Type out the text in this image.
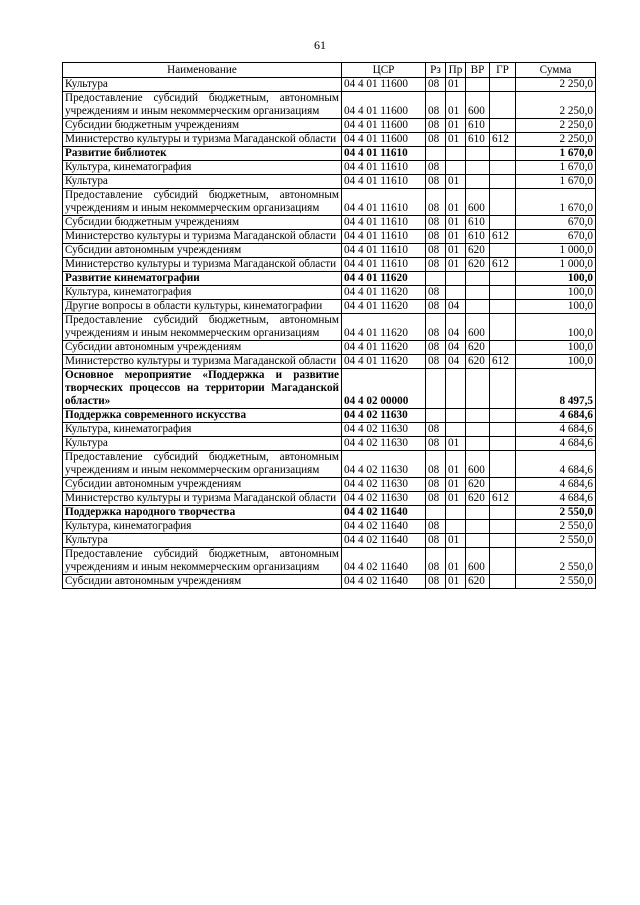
61
Наименование	ЦСР	Рз	Пр	ВР	ГР	Сумма
Культура	04 4 01 11600	08	01			2 250,0
Предоставление субсидий бюджетным, автономным учреждениям и иным некоммерческим организациям	04 4 01 11600	08	01	600		2 250,0
Субсидии бюджетным учреждениям	04 4 01 11600	08	01	610		2 250,0
Министерство культуры и туризма Магаданской области	04 4 01 11600	08	01	610	612	2 250,0
Развитие библиотек	04 4 01 11610					1 670,0
Культура, кинематография	04 4 01 11610	08				1 670,0
Культура	04 4 01 11610	08	01			1 670,0
Предоставление субсидий бюджетным, автономным учреждениям и иным некоммерческим организациям	04 4 01 11610	08	01	600		1 670,0
Субсидии бюджетным учреждениям	04 4 01 11610	08	01	610		670,0
Министерство культуры и туризма Магаданской области	04 4 01 11610	08	01	610	612	670,0
Субсидии автономным учреждениям	04 4 01 11610	08	01	620		1 000,0
Министерство культуры и туризма Магаданской области	04 4 01 11610	08	01	620	612	1 000,0
Развитие кинематографии	04 4 01 11620					100,0
Культура, кинематография	04 4 01 11620	08				100,0
Другие вопросы в области культуры, кинематографии	04 4 01 11620	08	04			100,0
Предоставление субсидий бюджетным, автономным учреждениям и иным некоммерческим организациям	04 4 01 11620	08	04	600		100,0
Субсидии автономным учреждениям	04 4 01 11620	08	04	620		100,0
Министерство культуры и туризма Магаданской области	04 4 01 11620	08	04	620	612	100,0
Основное мероприятие «Поддержка и развитие творческих процессов на территории Магаданской области»	04 4 02 00000					8 497,5
Поддержка современного искусства	04 4 02 11630					4 684,6
Культура, кинематография	04 4 02 11630	08				4 684,6
Культура	04 4 02 11630	08	01			4 684,6
Предоставление субсидий бюджетным, автономным учреждениям и иным некоммерческим организациям	04 4 02 11630	08	01	600		4 684,6
Субсидии автономным учреждениям	04 4 02 11630	08	01	620		4 684,6
Министерство культуры и туризма Магаданской области	04 4 02 11630	08	01	620	612	4 684,6
Поддержка народного творчества	04 4 02 11640					2 550,0
Культура, кинематография	04 4 02 11640	08				2 550,0
Культура	04 4 02 11640	08	01			2 550,0
Предоставление субсидий бюджетным, автономным учреждениям и иным некоммерческим организациям	04 4 02 11640	08	01	600		2 550,0
Субсидии автономным учреждениям	04 4 02 11640	08	01	620		2 550,0
